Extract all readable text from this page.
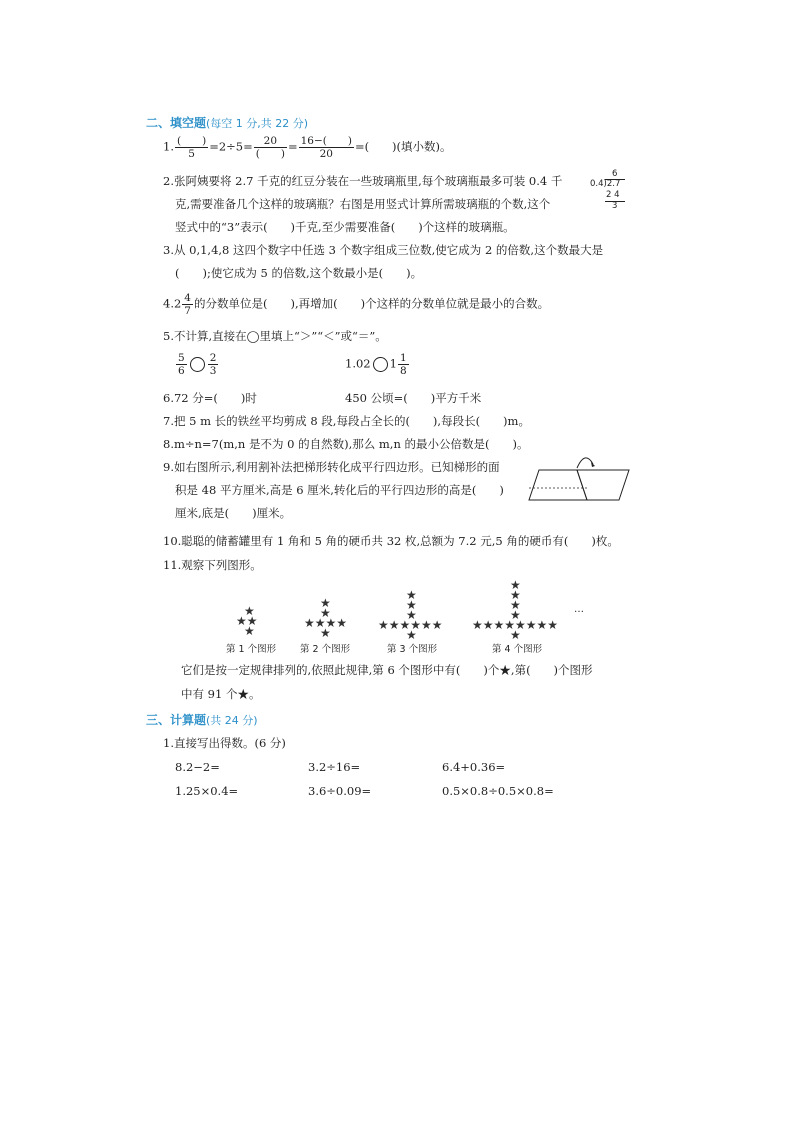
二、填空题(每空 1 分,共 22 分)
1. $\frac{( )}{5} =2\div 5= \frac{20}{( )} = \frac{16-( )}{20}$ =(　　)(填小数)。
2.张阿姨要将 2.7 千克的红豆分装在一些玻璃瓶里,每个玻璃瓶最多可装 0.4 千
克,需要准备几个这样的玻璃瓶？右图是用竖式计算所需玻璃瓶的个数,这个
竖式中的“3”表示(　　)千克,至少需要准备(　　)个这样的玻璃瓶。
6
0.4)2.7
2 4
3
3.从 0,1,4,8 这四个数字中任选 3 个数字组成三位数,使它成为 2 的倍数,这个数最大是
(　　);使它成为 5 的倍数,这个数最小是(　　)。
$4.2 \frac{4}{7}$ 的分数单位是(　　),再增加(　　)个这样的分数单位就是最小的合数。
5.不计算,直接在◯里填上“＞”“＜”或“＝”。
$\frac{5}{6} \frac{2}{3}$	1.02 $1 \frac{1}{8}$
6.72 分=(　　)时	450 公顷=(　　)平方千米
7.把 5 m 长的铁丝平均剪成 8 段,每段占全长的(　　),每段长(　　)m。
8.m÷n=7(m,n 是不为 0 的自然数),那么 m,n 的最小公倍数是(　　)。
9.如右图所示,利用割补法把梯形转化成平行四边形。已知梯形的面
积是 48 平方厘米,高是 6 厘米,转化后的平行四边形的高是(　　)
厘米,底是(　　)厘米。
10.聪聪的储蓄罐里有 1 角和 5 角的硬币共 32 枚,总额为 7.2 元,5 角的硬币有(　　)枚。
11.观察下列图形。
★
★★
★
★
★
★★★★
★
★
★
★
★★★★★★
★
★
★
★
★
★★★★★★★★
★
…
第 1 个图形	第 2 个图形	第 3 个图形	第 4 个图形
它们是按一定规律排列的,依照此规律,第 6 个图形中有(　　)个★,第(　　)个图形
中有 91 个★。
三、计算题(共 24 分)
1.直接写出得数。(6 分)
8.2−2=	3.2÷16=	6.4+0.36=
1.25×0.4=	3.6÷0.09=	0.5×0.8÷0.5×0.8=
